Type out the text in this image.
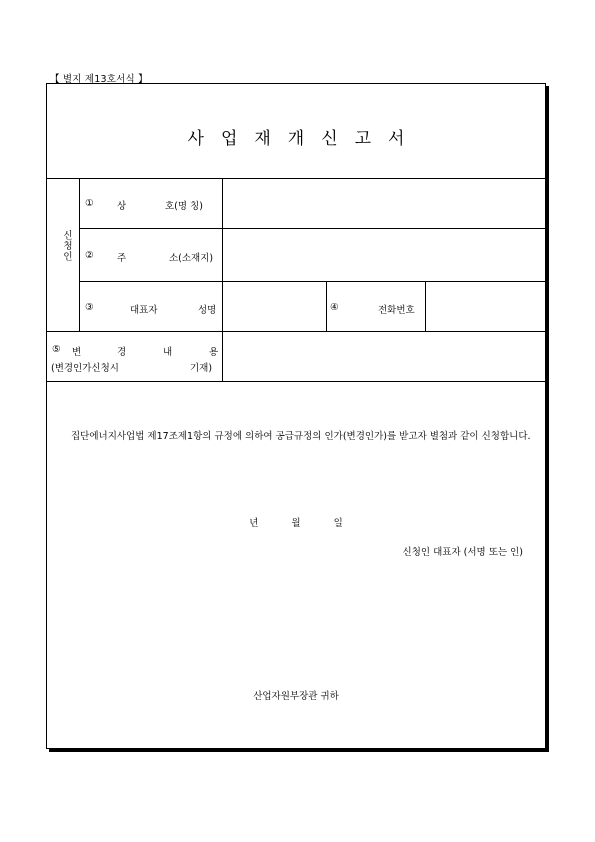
【 별지 제13호서식 】
사업재개신고서
신청인
① 상	호(명 칭)
② 주	소(소재지)
③	대표자	성명	④	전화번호
⑤ 변	경	내	용
(변경인가신청시	기재)
집단에너지사업법 제17조제1항의 규정에 의하여 공급규정의 인가(변경인가)를 받고자 별첨과 같이 신청합니다.
년 월 일
신청인 대표자 (서명 또는 인)
산업자원부장관 귀하
